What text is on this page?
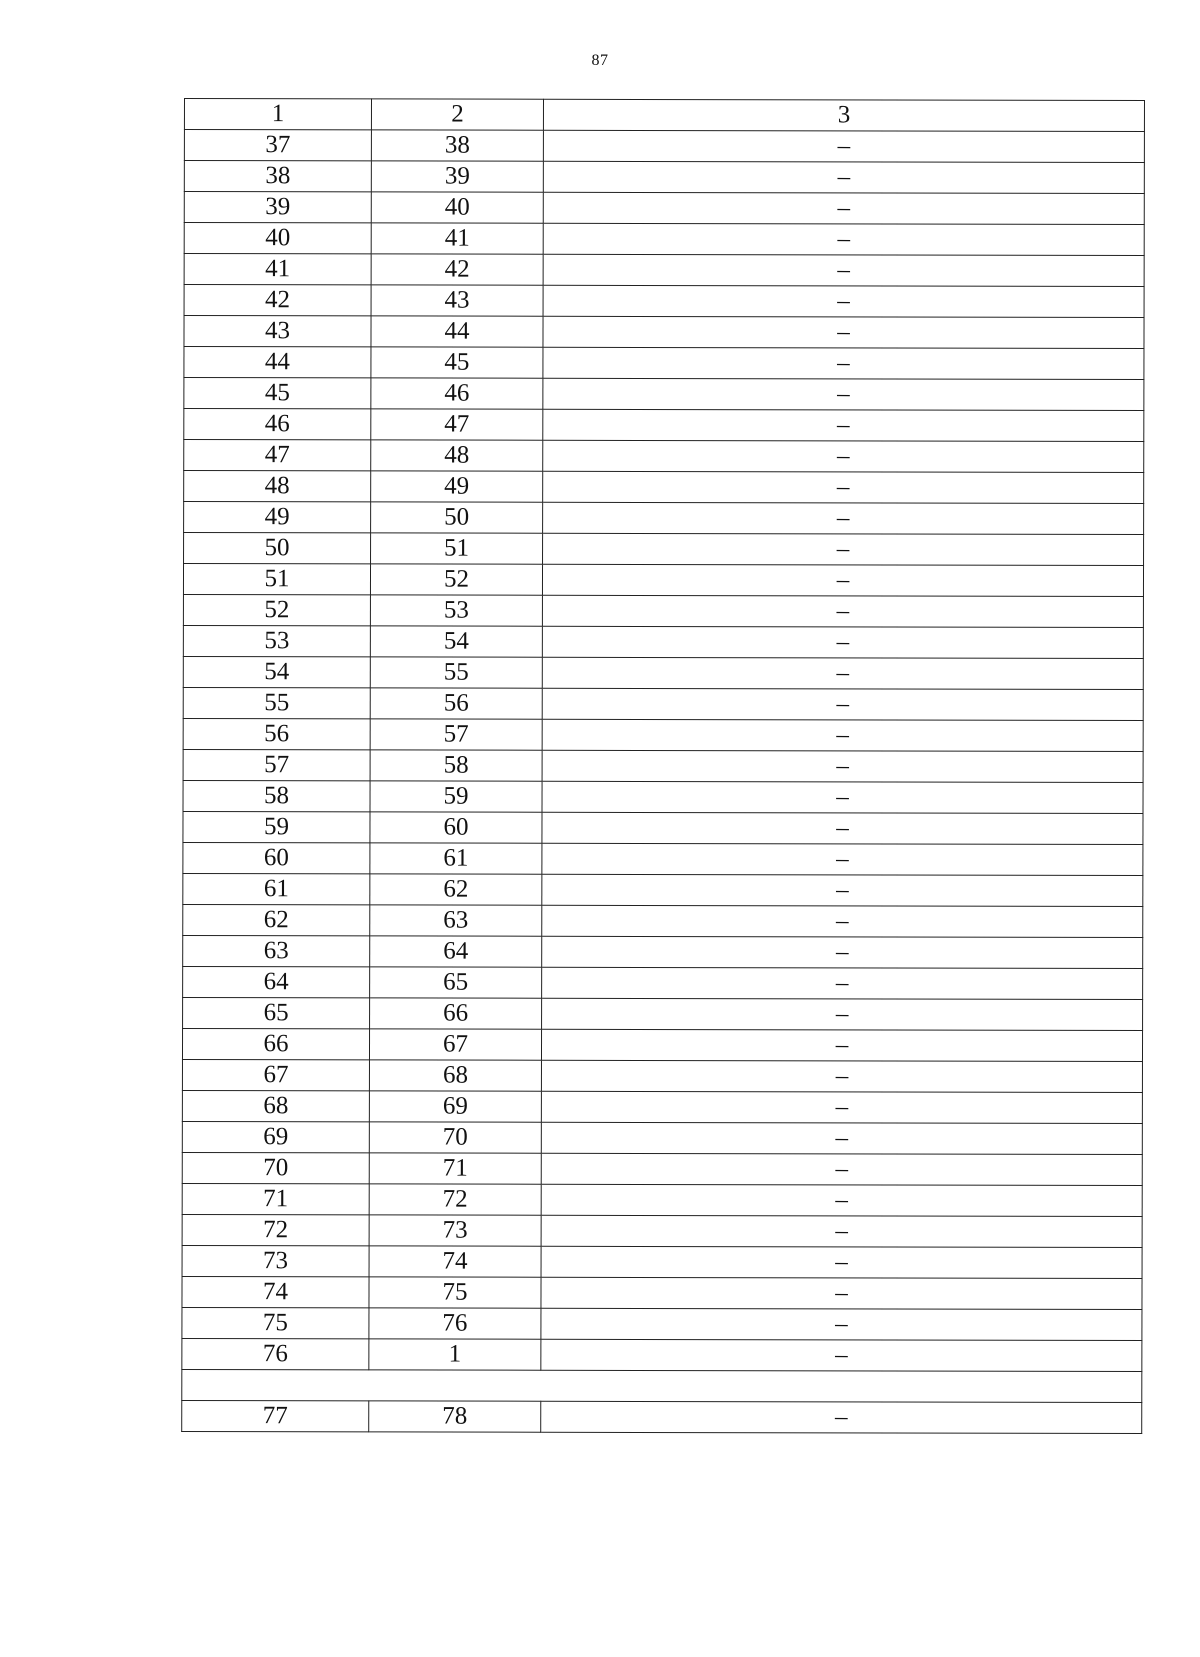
87
1	2	3
37	38	–
38	39	–
39	40	–
40	41	–
41	42	–
42	43	–
43	44	–
44	45	–
45	46	–
46	47	–
47	48	–
48	49	–
49	50	–
50	51	–
51	52	–
52	53	–
53	54	–
54	55	–
55	56	–
56	57	–
57	58	–
58	59	–
59	60	–
60	61	–
61	62	–
62	63	–
63	64	–
64	65	–
65	66	–
66	67	–
67	68	–
68	69	–
69	70	–
70	71	–
71	72	–
72	73	–
73	74	–
74	75	–
75	76	–
76	1	–

77	78	–
